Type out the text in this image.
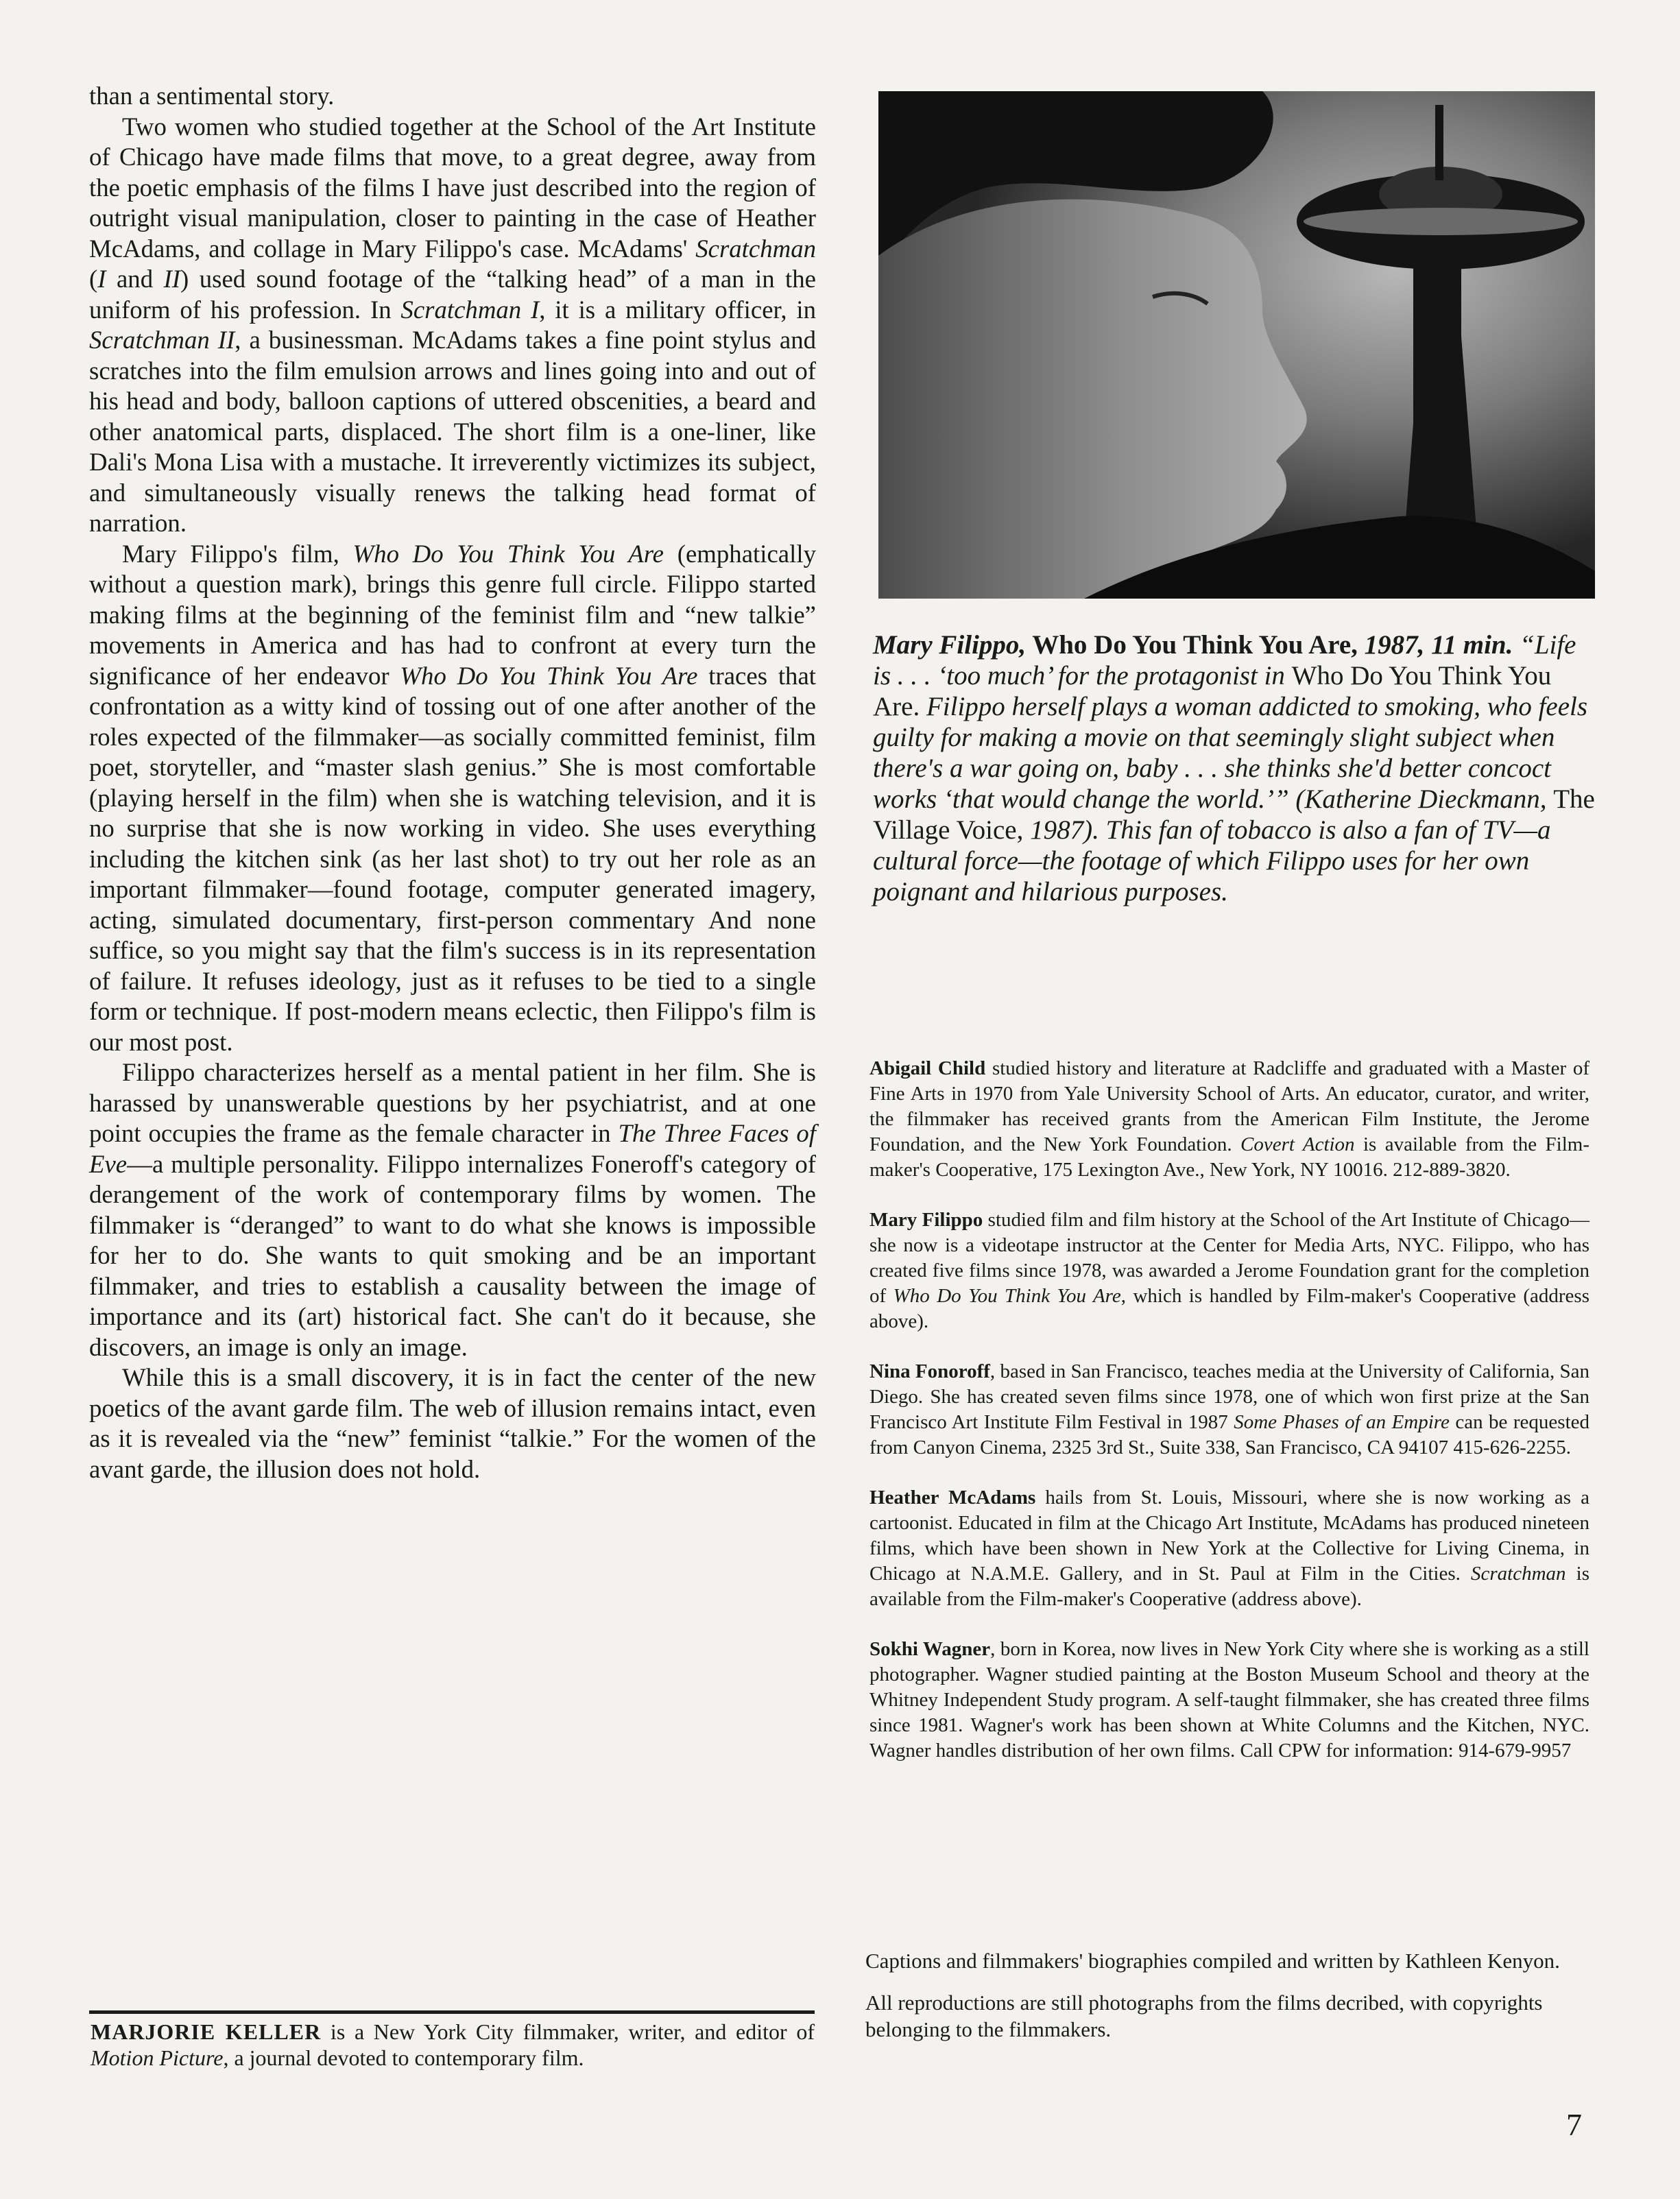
than a sentimental story.

Two women who studied together at the School of the Art Institute of Chicago have made films that move, to a great degree, away from the poetic emphasis of the films I have just described into the region of outright visual manipulation, closer to painting in the case of Heather McAdams, and collage in Mary Filippo's case. McAdams' Scratchman (I and II) used sound footage of the “talking head” of a man in the uniform of his profession. In Scratchman I, it is a military officer, in Scratchman II, a businessman. McAdams takes a fine point stylus and scratches into the film emulsion arrows and lines going into and out of his head and body, balloon captions of uttered obscenities, a beard and other anatomical parts, displaced. The short film is a one-liner, like Dali's Mona Lisa with a mustache. It irreverently victimizes its subject, and simultaneously visually renews the talking head format of narration.

Mary Filippo's film, Who Do You Think You Are (emphatically without a question mark), brings this genre full circle. Filippo started making films at the beginning of the feminist film and “new talkie” movements in America and has had to confront at every turn the significance of her endeavor Who Do You Think You Are traces that confrontation as a witty kind of tossing out of one after another of the roles expected of the filmmaker—as socially committed feminist, film poet, storyteller, and “master slash genius.” She is most comfortable (playing herself in the film) when she is watching television, and it is no surprise that she is now working in video. She uses everything including the kitchen sink (as her last shot) to try out her role as an important filmmaker—found footage, computer generated imagery, acting, simulated documentary, first-person commentary And none suffice, so you might say that the film's success is in its representation of failure. It refuses ideology, just as it refuses to be tied to a single form or technique. If post-modern means eclectic, then Filippo's film is our most post.

Filippo characterizes herself as a mental patient in her film. She is harassed by unanswerable questions by her psychiatrist, and at one point occupies the frame as the female character in The Three Faces of Eve—a multiple personality. Filippo internalizes Foneroff's category of derangement of the work of contemporary films by women. The filmmaker is “deranged” to want to do what she knows is impossible for her to do. She wants to quit smoking and be an important filmmaker, and tries to establish a causality between the image of importance and its (art) historical fact. She can't do it because, she discovers, an image is only an image.

While this is a small discovery, it is in fact the center of the new poetics of the avant garde film. The web of illusion remains intact, even as it is revealed via the “new” feminist “talkie.” For the women of the avant garde, the illusion does not hold.

MARJORIE KELLER is a New York City filmmaker, writer, and editor of Motion Picture, a journal devoted to contemporary film.
Mary Filippo, Who Do You Think You Are, 1987, 11 min. “Life is . . . ‘too much’ for the protagonist in Who Do You Think You Are. Filippo herself plays a woman addicted to smoking, who feels guilty for making a movie on that seemingly slight subject when there's a war going on, baby . . . she thinks she'd better concoct works ‘that would change the world.’” (Katherine Dieckmann, The Village Voice, 1987). This fan of tobacco is also a fan of TV—a cultural force—the footage of which Filippo uses for her own poignant and hilarious purposes.

Abigail Child studied history and literature at Radcliffe and graduated with a Master of Fine Arts in 1970 from Yale University School of Arts. An educator, curator, and writer, the filmmaker has received grants from the American Film Institute, the Jerome Foundation, and the New York Foundation. Covert Action is available from the Film-maker's Cooperative, 175 Lexington Ave., New York, NY 10016. 212-889-3820.

Mary Filippo studied film and film history at the School of the Art Institute of Chicago—she now is a videotape instructor at the Center for Media Arts, NYC. Filippo, who has created five films since 1978, was awarded a Jerome Foundation grant for the completion of Who Do You Think You Are, which is handled by Film-maker's Cooperative (address above).

Nina Fonoroff, based in San Francisco, teaches media at the University of California, San Diego. She has created seven films since 1978, one of which won first prize at the San Francisco Art Institute Film Festival in 1987 Some Phases of an Empire can be requested from Canyon Cinema, 2325 3rd St., Suite 338, San Francisco, CA 94107 415-626-2255.

Heather McAdams hails from St. Louis, Missouri, where she is now working as a cartoonist. Educated in film at the Chicago Art Institute, McAdams has produced nineteen films, which have been shown in New York at the Collective for Living Cinema, in Chicago at N.A.M.E. Gallery, and in St. Paul at Film in the Cities. Scratchman is available from the Film-maker's Cooperative (address above).

Sokhi Wagner, born in Korea, now lives in New York City where she is working as a still photographer. Wagner studied painting at the Boston Museum School and theory at the Whitney Independent Study program. A self-taught filmmaker, she has created three films since 1981. Wagner's work has been shown at White Columns and the Kitchen, NYC. Wagner handles distribution of her own films. Call CPW for information: 914-679-9957

Captions and filmmakers' biographies compiled and written by Kathleen Kenyon.

All reproductions are still photographs from the films decribed, with copyrights belonging to the filmmakers.

7
